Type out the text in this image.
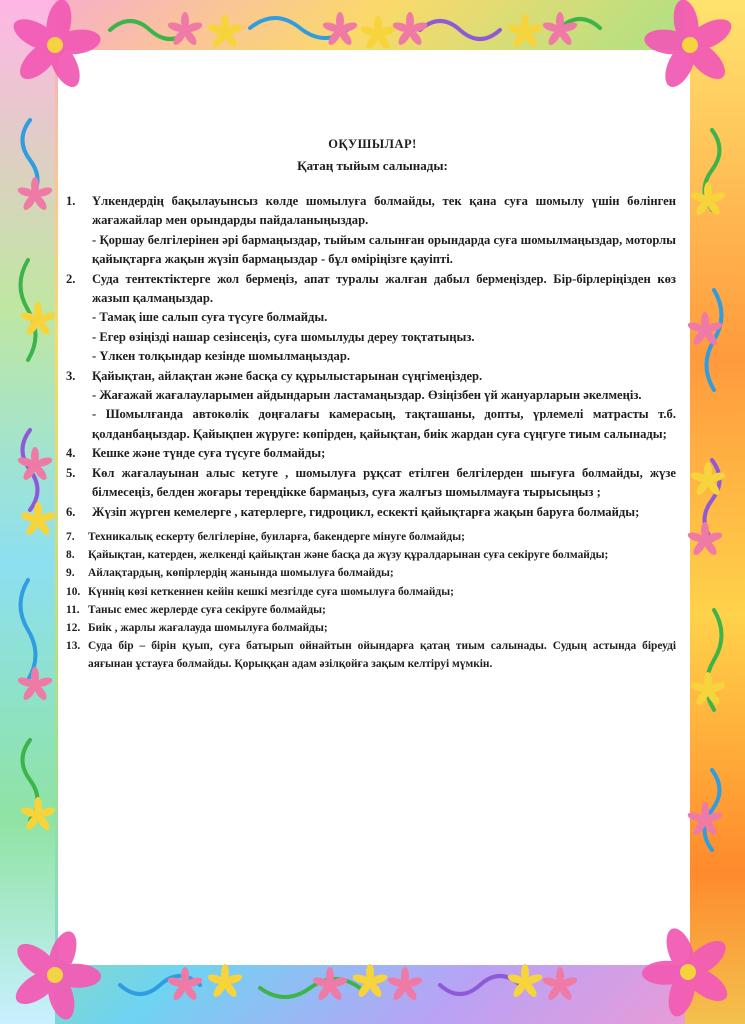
ОҚУШЫЛАР!
Қатаң тыйым салынады:
1. Үлкендердің бақылауынсыз көлде шомылуға болмайды, тек қана суға шомылу үшін бөлінген жағажайлар мен орындарды пайдаланыңыздар.
- Қоршау белгілерінен әрі бармаңыздар, тыйым салынған орындарда суға шомылмаңыздар, моторлы қайықтарға жақын жүзіп бармаңыздар - бұл өміріңізге қауіпті.
2. Суда тентектіктерге жол бермеңіз, апат туралы жалған дабыл бермеңіздер. Бір-бірлеріңізден көз жазып қалмаңыздар.
- Тамақ іше салып суға түсуге болмайды.
- Егер өзіңізді нашар сезінсеңіз, суға шомылуды дереу тоқтатыңыз.
- Үлкен толқындар кезінде шомылмаңыздар.
3. Қайықтан, айлақтан және басқа су құрылыстарынан сүңгімеңіздер.
- Жағажай жағалауларымен айдындарын ластамаңыздар. Өзіңізбен үй жануарларын әкелмеңіз.
- Шомылғанда автокөлік доңғалағы камерасың, тақташаны, допты, үрлемелі матрасты т.б. қолданбаңыздар. Қайықпен жүруге: көпірден, қайықтан, биік жардан суға сүңгуге тиым салынады;
4. Кешке және түнде суға түсуге болмайды;
5. Көл жағалауынан алыс кетуге , шомылуға рұқсат етілген белгілерден шығуға болмайды, жүзе білмесеңіз, белден жоғары тереңдікке бармаңыз, суға жалғыз шомылмауға тырысыңыз ;
6. Жүзіп жүрген кемелерге , катерлерге, гидроцикл, ескекті қайықтарға жақын баруға болмайды;
7. Техникалық ескерту белгілеріне, буиларға, бакендерге мінуге болмайды;
8. Қайықтан, катерден, желкенді қайықтан және басқа да жүзу құралдарынан суға секіруге болмайды;
9. Айлақтардың, көпірлердің жанында шомылуға болмайды;
10. Күннің көзі кеткеннен кейін кешкі мезгілде суға шомылуға болмайды;
11. Таныс емес жерлерде суға секіруге болмайды;
12. Биік , жарлы жағалауда шомылуға болмайды;
13. Суда бір – бірін қуып, суға батырып ойнайтын ойындарға қатаң тиым салынады. Судың астында біреуді аяғынан ұстауға болмайды. Қорыққан адам әзілқойға зақым келтіруі мүмкін.
